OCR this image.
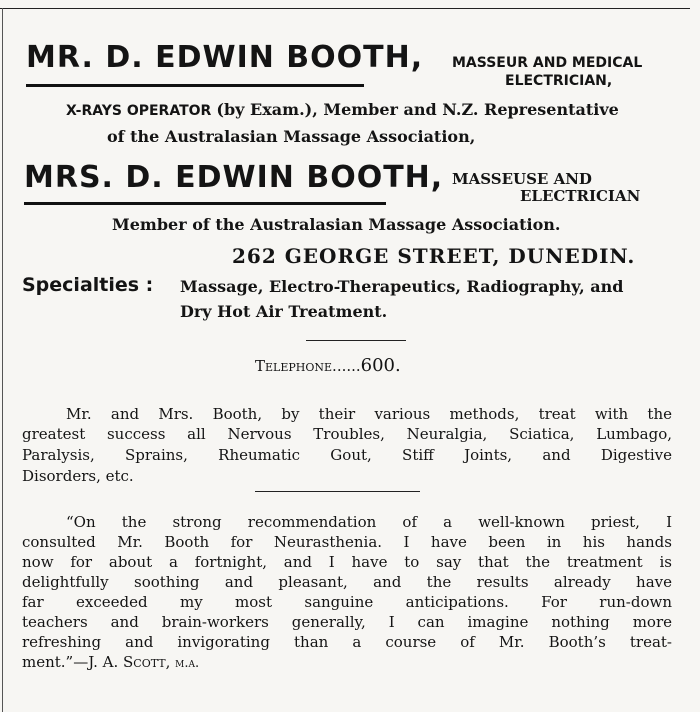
MR. D. EDWIN BOOTH, MASSEUR AND MEDICAL
ELECTRICIAN,
X-RAYS OPERATOR (by Exam.), Member and N.Z. Representative
of the Australasian Massage Association,
MRS. D. EDWIN BOOTH, MASSEUSE AND
ELECTRICIAN
Member of the Australasian Massage Association.
262 GEORGE STREET, DUNEDIN.
Specialties : Massage, Electro-Therapeutics, Radiography, and
Dry Hot Air Treatment.
Telephone......600.
Mr. and Mrs. Booth, by their various methods, treat with the
greatest success all Nervous Troubles, Neuralgia, Sciatica, Lumbago,
Paralysis, Sprains, Rheumatic Gout, Stiff Joints, and Digestive
Disorders, etc.
“On the strong recommendation of a well-known priest, I
consulted Mr. Booth for Neurasthenia. I have been in his hands
now for about a fortnight, and I have to say that the treatment is
delightfully soothing and pleasant, and the results already have
far exceeded my most sanguine anticipations. For run-down
teachers and brain-workers generally, I can imagine nothing more
refreshing and invigorating than a course of Mr. Booth’s treat-
ment.”—J. A. Scott, m.a.
